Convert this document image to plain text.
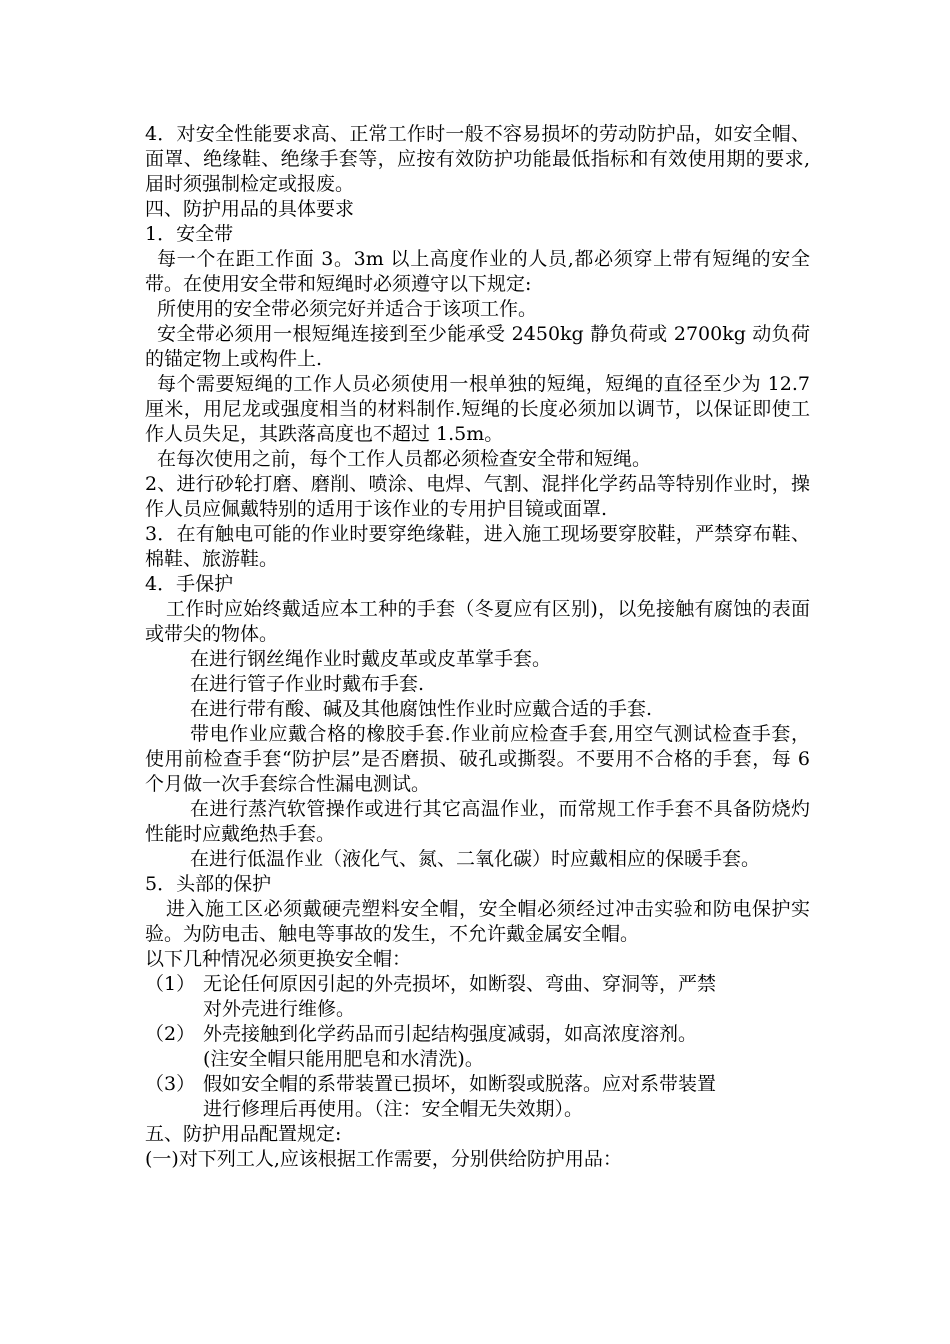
4．对安全性能要求高、正常工作时一般不容易损坏的劳动防护品，如安全帽、面罩、绝缘鞋、绝缘手套等，应按有效防护功能最低指标和有效使用期的要求,届时须强制检定或报废。

四、防护用品的具体要求

1．安全带

每一个在距工作面 3。3m 以上高度作业的人员,都必须穿上带有短绳的安全带。在使用安全带和短绳时必须遵守以下规定:

所使用的安全带必须完好并适合于该项工作。

安全带必须用一根短绳连接到至少能承受 2450kg 静负荷或 2700kg 动负荷的锚定物上或构件上.

每个需要短绳的工作人员必须使用一根单独的短绳，短绳的直径至少为 12.7 厘米，用尼龙或强度相当的材料制作.短绳的长度必须加以调节，以保证即使工作人员失足，其跌落高度也不超过 1.5m。

在每次使用之前，每个工作人员都必须检查安全带和短绳。

2、进行砂轮打磨、磨削、喷涂、电焊、气割、混拌化学药品等特别作业时，操作人员应佩戴特别的适用于该作业的专用护目镜或面罩.

3．在有触电可能的作业时要穿绝缘鞋，进入施工现场要穿胶鞋，严禁穿布鞋、棉鞋、旅游鞋。

4．手保护

工作时应始终戴适应本工种的手套（冬夏应有区别)，以免接触有腐蚀的表面或带尖的物体。

在进行钢丝绳作业时戴皮革或皮革掌手套。

在进行管子作业时戴布手套.

在进行带有酸、碱及其他腐蚀性作业时应戴合适的手套.

带电作业应戴合格的橡胶手套.作业前应检查手套,用空气测试检查手套，使用前检查手套“防护层”是否磨损、破孔或撕裂。不要用不合格的手套，每 6 个月做一次手套综合性漏电测试。

在进行蒸汽软管操作或进行其它高温作业，而常规工作手套不具备防烧灼性能时应戴绝热手套。

在进行低温作业（液化气、氮、二氧化碳）时应戴相应的保暖手套。

5．头部的保护

进入施工区必须戴硬壳塑料安全帽，安全帽必须经过冲击实验和防电保护实验。为防电击、触电等事故的发生，不允许戴金属安全帽。

以下几种情况必须更换安全帽：

（1） 无论任何原因引起的外壳损坏，如断裂、弯曲、穿洞等，严禁
对外壳进行维修。
（2） 外壳接触到化学药品而引起结构强度减弱，如高浓度溶剂。
(注安全帽只能用肥皂和水清洗)。
（3） 假如安全帽的系带装置已损坏，如断裂或脱落。应对系带装置
进行修理后再使用。（注：安全帽无失效期）。

五、防护用品配置规定:

(一)对下列工人,应该根据工作需要，分别供给防护用品：
